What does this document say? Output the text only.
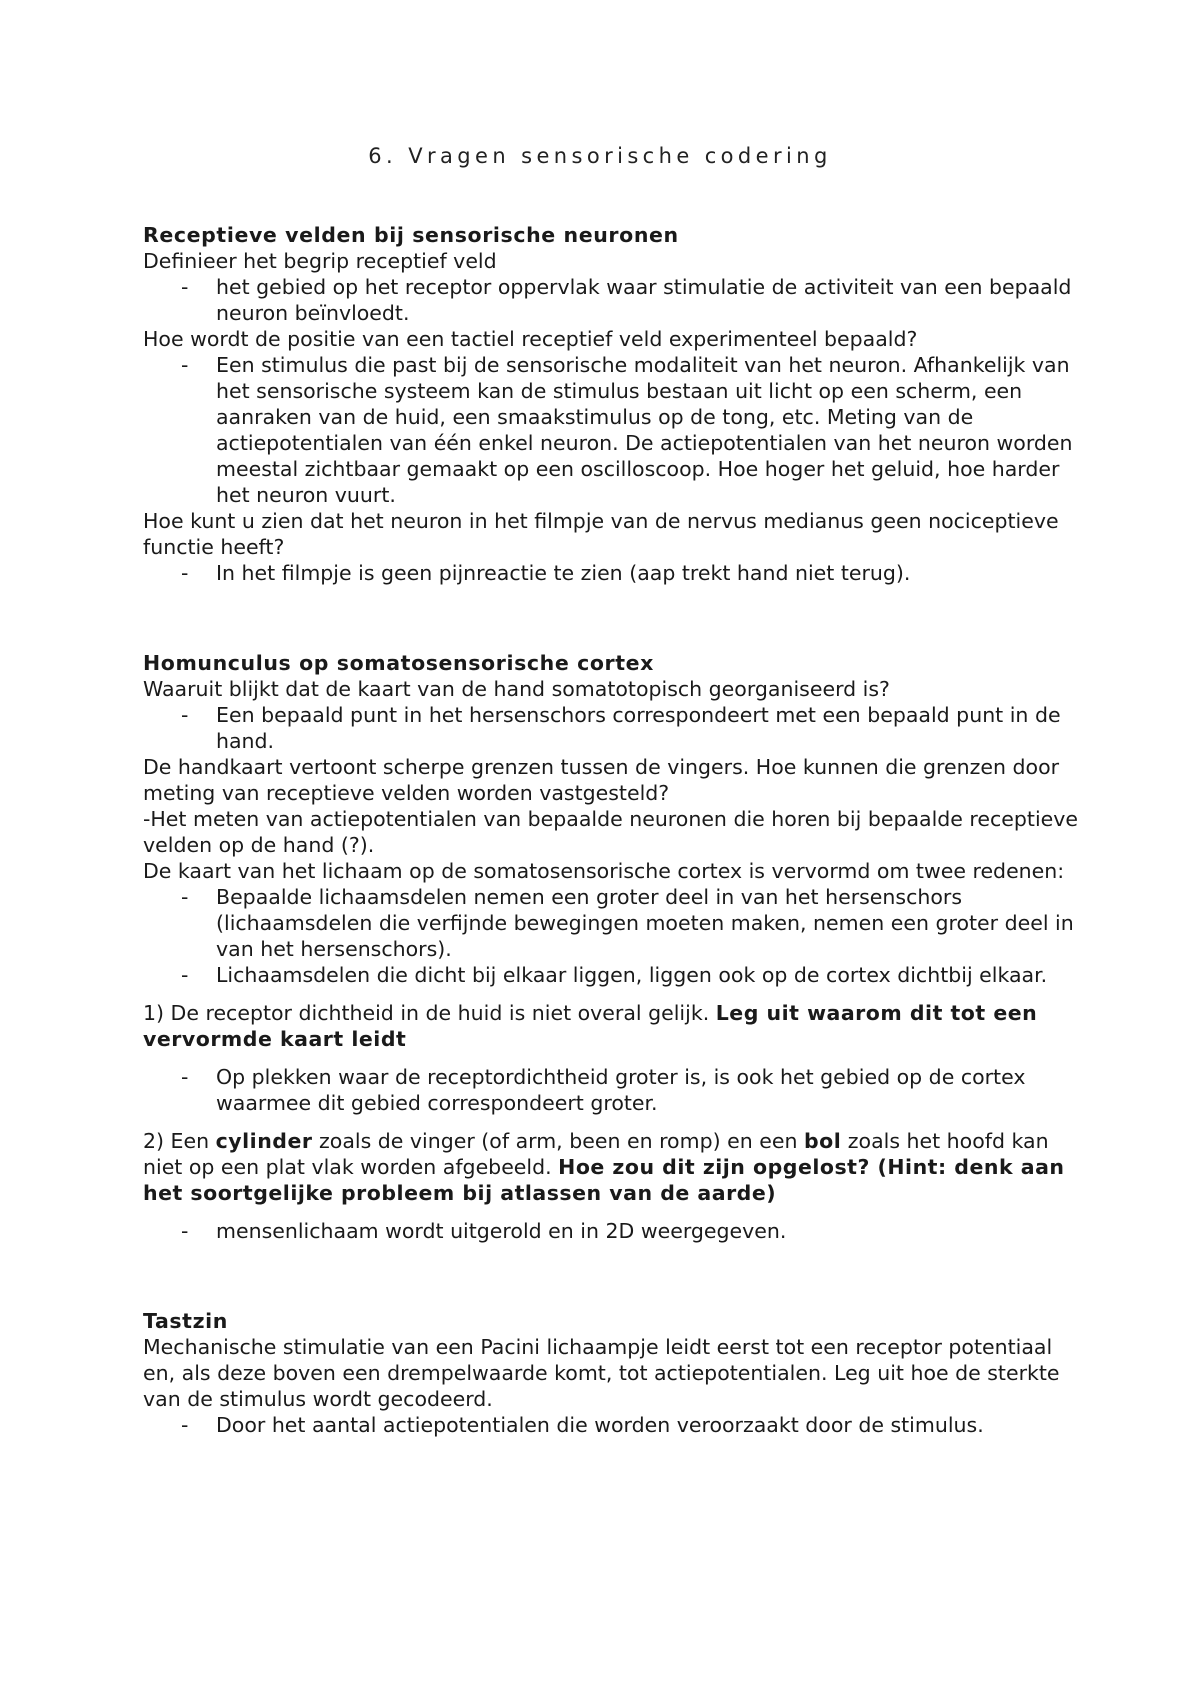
6. Vragen sensorische codering
Receptieve velden bij sensorische neuronen

Definieer het begrip receptief veld

- het gebied op het receptor oppervlak waar stimulatie de activiteit van een bepaald neuron beïnvloedt.

Hoe wordt de positie van een tactiel receptief veld experimenteel bepaald?

- Een stimulus die past bij de sensorische modaliteit van het neuron. Afhankelijk van het sensorische systeem kan de stimulus bestaan uit licht op een scherm, een aanraken van de huid, een smaakstimulus op de tong, etc. Meting van de actiepotentialen van één enkel neuron. De actiepotentialen van het neuron worden meestal zichtbaar gemaakt op een oscilloscoop. Hoe hoger het geluid, hoe harder het neuron vuurt.

Hoe kunt u zien dat het neuron in het filmpje van de nervus medianus geen nociceptieve functie heeft?

- In het filmpje is geen pijnreactie te zien (aap trekt hand niet terug).
Homunculus op somatosensorische cortex

Waaruit blijkt dat de kaart van de hand somatotopisch georganiseerd is?

- Een bepaald punt in het hersenschors correspondeert met een bepaald punt in de hand.

De handkaart vertoont scherpe grenzen tussen de vingers. Hoe kunnen die grenzen door meting van receptieve velden worden vastgesteld?

-Het meten van actiepotentialen van bepaalde neuronen die horen bij bepaalde receptieve velden op de hand (?).

De kaart van het lichaam op de somatosensorische cortex is vervormd om twee redenen:

- Bepaalde lichaamsdelen nemen een groter deel in van het hersenschors (lichaamsdelen die verfijnde bewegingen moeten maken, nemen een groter deel in van het hersenschors).
- Lichaamsdelen die dicht bij elkaar liggen, liggen ook op de cortex dichtbij elkaar.

1) De receptor dichtheid in de huid is niet overal gelijk. Leg uit waarom dit tot een vervormde kaart leidt

- Op plekken waar de receptordichtheid groter is, is ook het gebied op de cortex waarmee dit gebied correspondeert groter.

2) Een cylinder zoals de vinger (of arm, been en romp) en een bol zoals het hoofd kan niet op een plat vlak worden afgebeeld. Hoe zou dit zijn opgelost? (Hint: denk aan het soortgelijke probleem bij atlassen van de aarde)

- mensenlichaam wordt uitgerold en in 2D weergegeven.
Tastzin

Mechanische stimulatie van een Pacini lichaampje leidt eerst tot een receptor potentiaal en, als deze boven een drempelwaarde komt, tot actiepotentialen. Leg uit hoe de sterkte van de stimulus wordt gecodeerd.

- Door het aantal actiepotentialen die worden veroorzaakt door de stimulus.
